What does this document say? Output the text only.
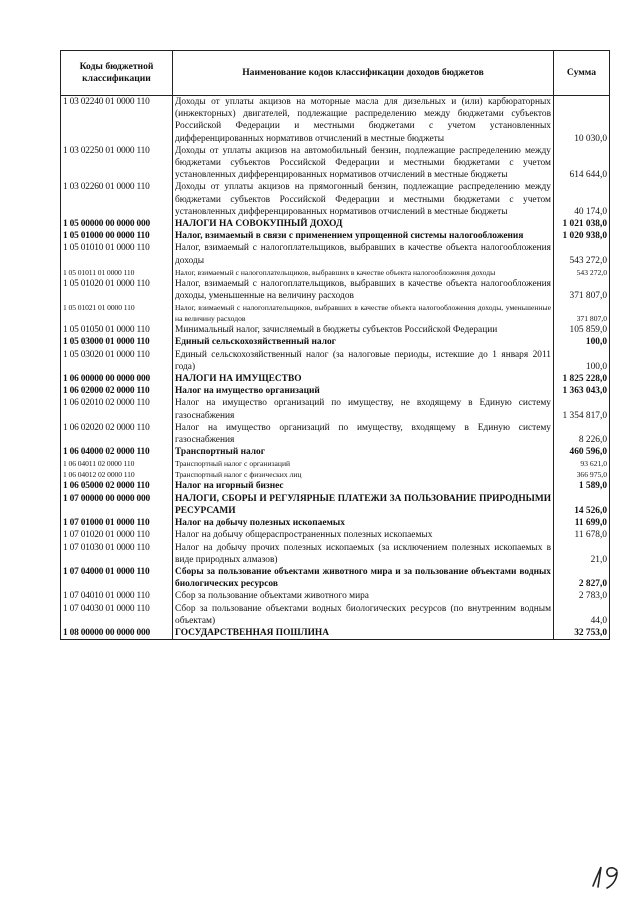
Коды бюджетной классификации	Наименование кодов классификации доходов бюджетов	Сумма
1 03 02240 01 0000 110	Доходы от уплаты акцизов на моторные масла для дизельных и (или) карбюраторных (инжекторных) двигателей, подлежащие распределению между бюджетами субъектов Российской Федерации и местными бюджетами с учетом установленных дифференцированных нормативов отчислений в местные бюджеты	10 030,0
1 03 02250 01 0000 110	Доходы от уплаты акцизов на автомобильный бензин, подлежащие распределению между бюджетами субъектов Российской Федерации и местными бюджетами с учетом установленных дифференцированных нормативов отчислений в местные бюджеты	614 644,0
1 03 02260 01 0000 110	Доходы от уплаты акцизов на прямогонный бензин, подлежащие распределению между бюджетами субъектов Российской Федерации и местными бюджетами с учетом установленных дифференцированных нормативов отчислений в местные бюджеты	40 174,0
1 05 00000 00 0000 000	НАЛОГИ НА СОВОКУПНЫЙ ДОХОД	1 021 038,0
1 05 01000 00 0000 110	Налог, взимаемый в связи с применением упрощенной системы налогообложения	1 020 938,0
1 05 01010 01 0000 110	Налог, взимаемый с налогоплательщиков, выбравших в качестве объекта налогообложения доходы	543 272,0
1 05 01011 01 0000 110	Налог, взимаемый с налогоплательщиков, выбравших в качестве объекта налогообложения доходы	543 272,0
1 05 01020 01 0000 110	Налог, взимаемый с налогоплательщиков, выбравших в качестве объекта налогообложения доходы, уменьшенные на величину расходов	371 807,0
1 05 01021 01 0000 110	Налог, взимаемый с налогоплательщиков, выбравших в качестве объекта налогообложения доходы, уменьшенные на величину расходов	371 807,0
1 05 01050 01 0000 110	Минимальный налог, зачисляемый в бюджеты субъектов Российской Федерации	105 859,0
1 05 03000 01 0000 110	Единый сельскохозяйственный налог	100,0
1 05 03020 01 0000 110	Единый сельскохозяйственный налог (за налоговые периоды, истекшие до 1 января 2011 года)	100,0
1 06 00000 00 0000 000	НАЛОГИ НА ИМУЩЕСТВО	1 825 228,0
1 06 02000 02 0000 110	Налог на имущество организаций	1 363 043,0
1 06 02010 02 0000 110	Налог на имущество организаций по имуществу, не входящему в Единую систему газоснабжения	1 354 817,0
1 06 02020 02 0000 110	Налог на имущество организаций по имуществу, входящему в Единую систему газоснабжения	8 226,0
1 06 04000 02 0000 110	Транспортный налог	460 596,0
1 06 04011 02 0000 110	Транспортный налог с организаций	93 621,0
1 06 04012 02 0000 110	Транспортный налог с физических лиц	366 975,0
1 06 05000 02 0000 110	Налог на игорный бизнес	1 589,0
1 07 00000 00 0000 000	НАЛОГИ, СБОРЫ И РЕГУЛЯРНЫЕ ПЛАТЕЖИ ЗА ПОЛЬЗОВАНИЕ ПРИРОДНЫМИ РЕСУРСАМИ	14 526,0
1 07 01000 01 0000 110	Налог на добычу полезных ископаемых	11 699,0
1 07 01020 01 0000 110	Налог на добычу общераспространенных полезных ископаемых	11 678,0
1 07 01030 01 0000 110	Налог на добычу прочих полезных ископаемых (за исключением полезных ископаемых в виде природных алмазов)	21,0
1 07 04000 01 0000 110	Сборы за пользование объектами животного мира и за пользование объектами водных биологических ресурсов	2 827,0
1 07 04010 01 0000 110	Сбор за пользование объектами животного мира	2 783,0
1 07 04030 01 0000 110	Сбор за пользование объектами водных биологических ресурсов (по внутренним водным объектам)	44,0
1 08 00000 00 0000 000	ГОСУДАРСТВЕННАЯ ПОШЛИНА	32 753,0
